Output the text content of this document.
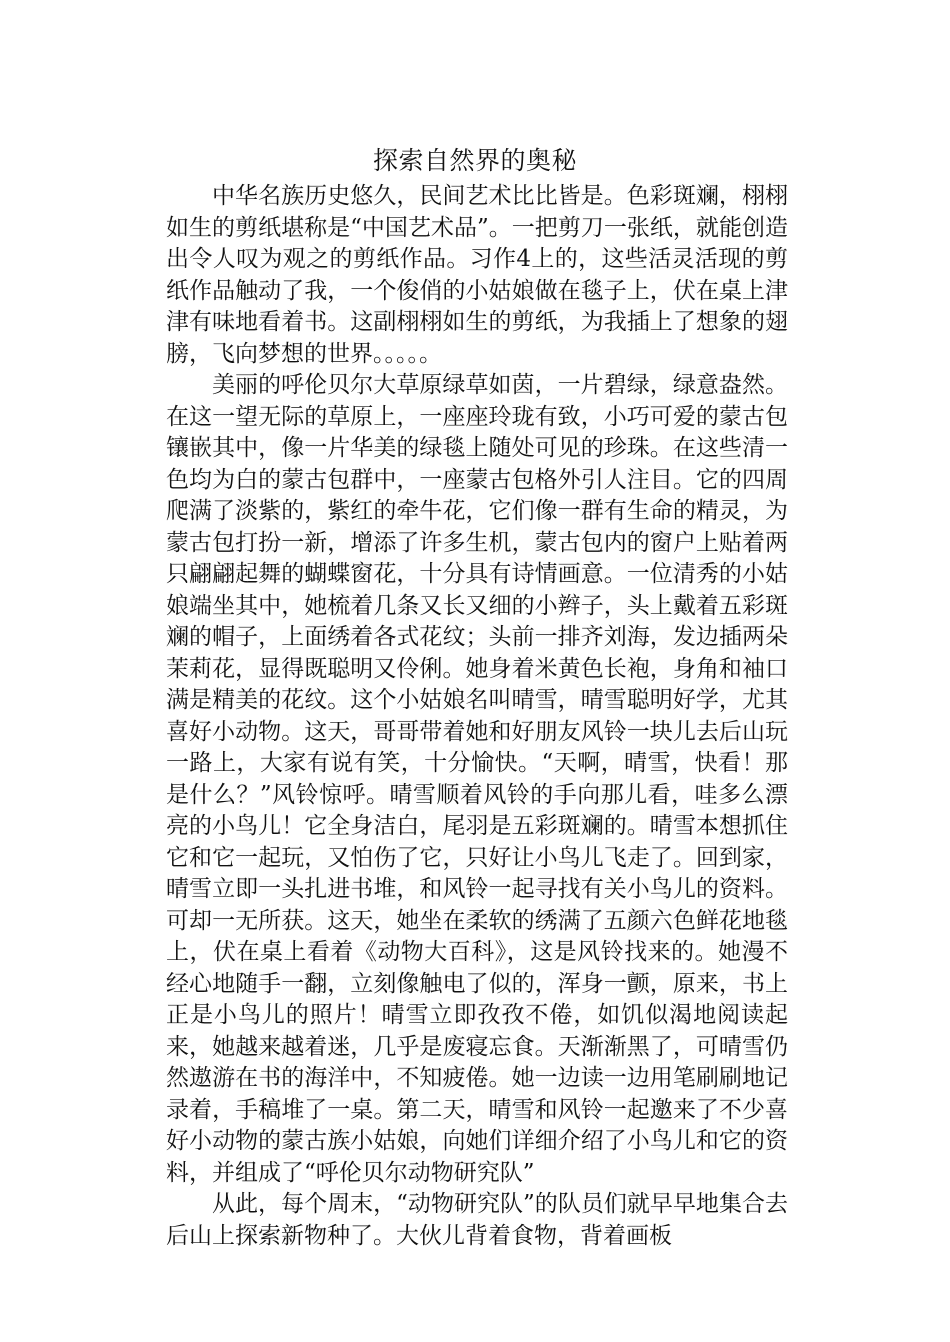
探索自然界的奥秘

中华名族历史悠久，民间艺术比比皆是。色彩斑斓，栩栩如生的剪纸堪称是“中国艺术品”。一把剪刀一张纸，就能创造出令人叹为观之的剪纸作品。习作4上的，这些活灵活现的剪纸作品触动了我，一个俊俏的小姑娘做在毯子上，伏在桌上津津有味地看着书。这副栩栩如生的剪纸，为我插上了想象的翅膀，飞向梦想的世界。。。。。

美丽的呼伦贝尔大草原绿草如茵，一片碧绿，绿意盎然。在这一望无际的草原上，一座座玲珑有致，小巧可爱的蒙古包镶嵌其中，像一片华美的绿毯上随处可见的珍珠。在这些清一色均为白的蒙古包群中，一座蒙古包格外引人注目。它的四周爬满了淡紫的，紫红的牵牛花，它们像一群有生命的精灵，为蒙古包打扮一新，增添了许多生机，蒙古包内的窗户上贴着两只翩翩起舞的蝴蝶窗花，十分具有诗情画意。一位清秀的小姑娘端坐其中，她梳着几条又长又细的小辫子，头上戴着五彩斑斓的帽子，上面绣着各式花纹；头前一排齐刘海，发边插两朵茉莉花，显得既聪明又伶俐。她身着米黄色长袍，身角和袖口满是精美的花纹。这个小姑娘名叫晴雪，晴雪聪明好学，尤其喜好小动物。这天，哥哥带着她和好朋友风铃一块儿去后山玩一路上，大家有说有笑，十分愉快。“天啊，晴雪，快看！那是什么？”风铃惊呼。晴雪顺着风铃的手向那儿看，哇多么漂亮的小鸟儿！它全身洁白，尾羽是五彩斑斓的。晴雪本想抓住它和它一起玩，又怕伤了它，只好让小鸟儿飞走了。回到家，晴雪立即一头扎进书堆，和风铃一起寻找有关小鸟儿的资料。可却一无所获。这天，她坐在柔软的绣满了五颜六色鲜花地毯上，伏在桌上看着《动物大百科》，这是风铃找来的。她漫不经心地随手一翻，立刻像触电了似的，浑身一颤，原来，书上正是小鸟儿的照片！晴雪立即孜孜不倦，如饥似渴地阅读起来，她越来越着迷，几乎是废寝忘食。天渐渐黑了，可晴雪仍然遨游在书的海洋中，不知疲倦。她一边读一边用笔刷刷地记录着，手稿堆了一桌。第二天，晴雪和风铃一起邀来了不少喜好小动物的蒙古族小姑娘，向她们详细介绍了小鸟儿和它的资料，并组成了“呼伦贝尔动物研究队”

从此，每个周末，“动物研究队”的队员们就早早地集合去后山上探索新物种了。大伙儿背着食物，背着画板
